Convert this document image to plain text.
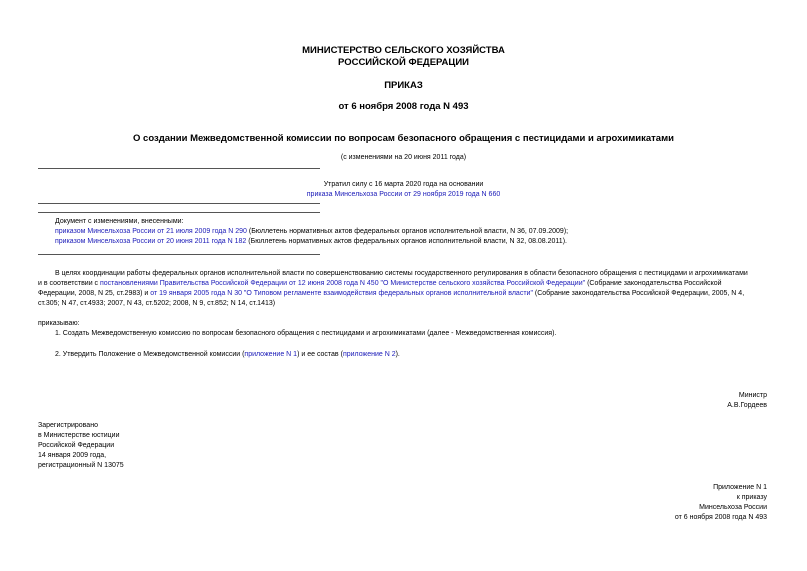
МИНИСТЕРСТВО СЕЛЬСКОГО ХОЗЯЙСТВА
РОССИЙСКОЙ ФЕДЕРАЦИИ
ПРИКАЗ
от 6 ноября 2008 года N 493
О создании Межведомственной комиссии по вопросам безопасного обращения с пестицидами и агрохимикатами
(с изменениями на 20 июня 2011 года)
Утратил силу с 16 марта 2020 года на основании
приказа Минсельхоза России от 29 ноября 2019 года N 660
Документ с изменениями, внесенными:
приказом Минсельхоза России от 21 июля 2009 года N 290 (Бюллетень нормативных актов федеральных органов исполнительной власти, N 36, 07.09.2009);
приказом Минсельхоза России от 20 июня 2011 года N 182 (Бюллетень нормативных актов федеральных органов исполнительной власти, N 32, 08.08.2011).
В целях координации работы федеральных органов исполнительной власти по совершенствованию системы государственного регулирования в области безопасного обращения с пестицидами и агрохимикатами
и в соответствии с постановлениями Правительства Российской Федерации от 12 июня 2008 года N 450 "О Министерстве сельского хозяйства Российской Федерации" (Собрание законодательства Российской
Федерации, 2008, N 25, ст.2983) и от 19 января 2005 года N 30 "О Типовом регламенте взаимодействия федеральных органов исполнительной власти" (Собрание законодательства Российской Федерации, 2005, N 4,
ст.305; N 47, ст.4933; 2007, N 43, ст.5202; 2008, N 9, ст.852; N 14, ст.1413)
приказываю:
1. Создать Межведомственную комиссию по вопросам безопасного обращения с пестицидами и агрохимикатами (далее - Межведомственная комиссия).
2. Утвердить Положение о Межведомственной комиссии (приложение N 1) и ее состав (приложение N 2).
Министр
А.В.Гордеев
Зарегистрировано
в Министерстве юстиции
Российской Федерации
14 января 2009 года,
регистрационный N 13075
Приложение N 1
к приказу
Минсельхоза России
от 6 ноября 2008 года N 493
